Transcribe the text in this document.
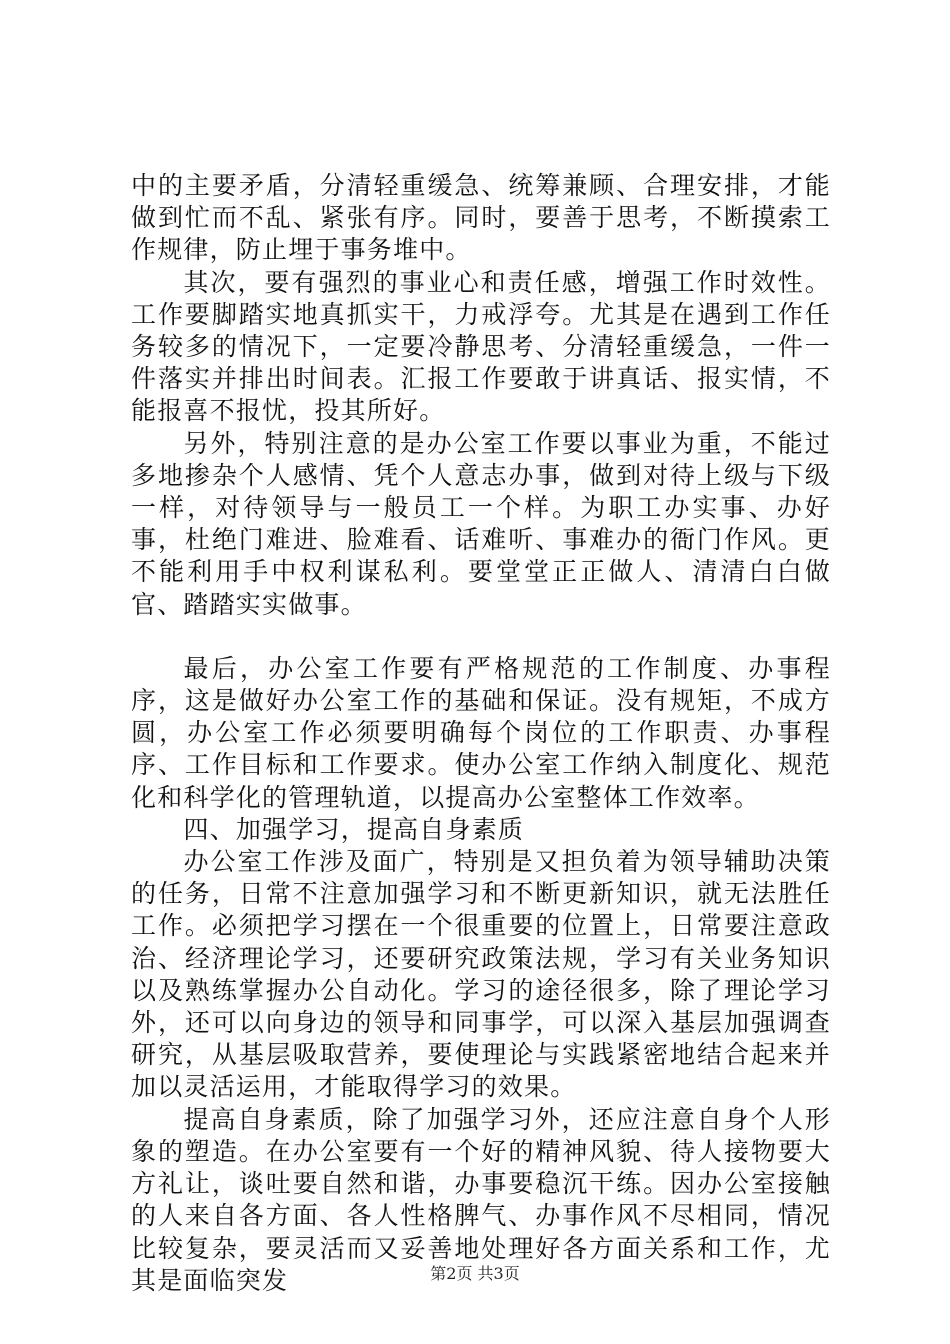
中的主要矛盾，分清轻重缓急、统筹兼顾、合理安排，才能做到忙而不乱、紧张有序。同时，要善于思考，不断摸索工作规律，防止埋于事务堆中。

其次，要有强烈的事业心和责任感，增强工作时效性。工作要脚踏实地真抓实干，力戒浮夸。尤其是在遇到工作任务较多的情况下，一定要冷静思考、分清轻重缓急，一件一件落实并排出时间表。汇报工作要敢于讲真话、报实情，不能报喜不报忧，投其所好。

另外，特别注意的是办公室工作要以事业为重，不能过多地掺杂个人感情、凭个人意志办事，做到对待上级与下级一样，对待领导与一般员工一个样。为职工办实事、办好事，杜绝门难进、脸难看、话难听、事难办的衙门作风。更不能利用手中权利谋私利。要堂堂正正做人、清清白白做官、踏踏实实做事。

最后，办公室工作要有严格规范的工作制度、办事程序，这是做好办公室工作的基础和保证。没有规矩，不成方圆，办公室工作必须要明确每个岗位的工作职责、办事程序、工作目标和工作要求。使办公室工作纳入制度化、规范化和科学化的管理轨道，以提高办公室整体工作效率。

四、加强学习，提高自身素质

办公室工作涉及面广，特别是又担负着为领导辅助决策的任务，日常不注意加强学习和不断更新知识，就无法胜任工作。必须把学习摆在一个很重要的位置上，日常要注意政治、经济理论学习，还要研究政策法规，学习有关业务知识以及熟练掌握办公自动化。学习的途径很多，除了理论学习外，还可以向身边的领导和同事学，可以深入基层加强调查研究，从基层吸取营养，要使理论与实践紧密地结合起来并加以灵活运用，才能取得学习的效果。

提高自身素质，除了加强学习外，还应注意自身个人形象的塑造。在办公室要有一个好的精神风貌、待人接物要大方礼让，谈吐要自然和谐，办事要稳沉干练。因办公室接触的人来自各方面、各人性格脾气、办事作风不尽相同，情况比较复杂，要灵活而又妥善地处理好各方面关系和工作，尤其是面临突发	第2页 共3页
